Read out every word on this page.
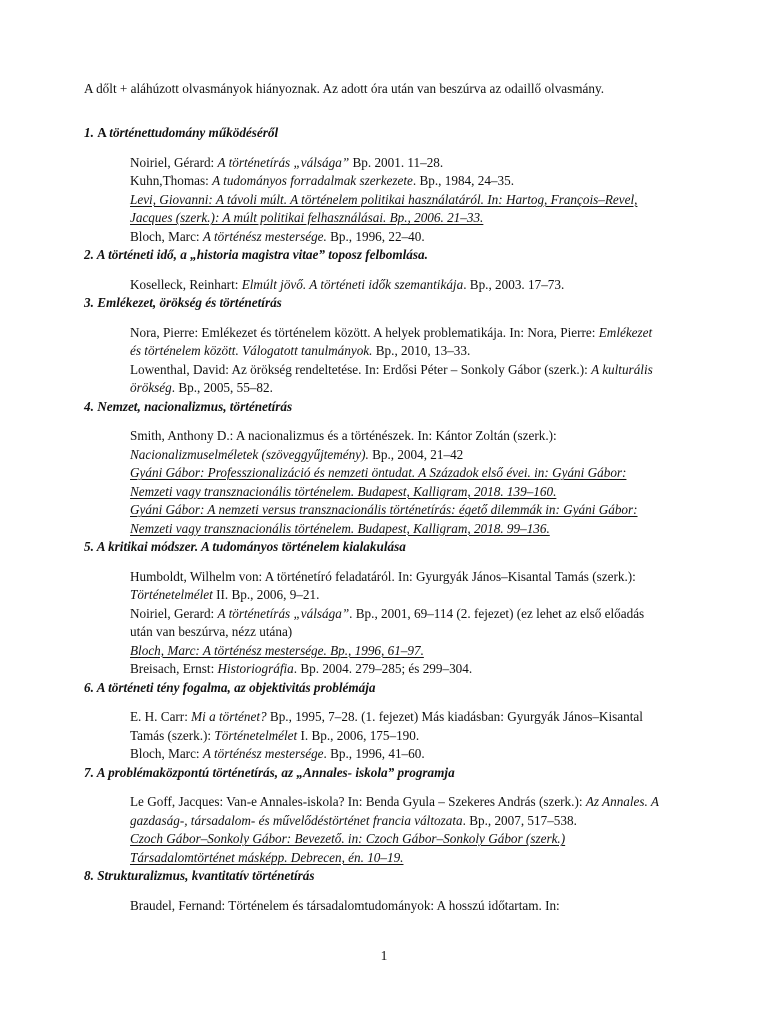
A dőlt + aláhúzott olvasmányok hiányoznak. Az adott óra után van beszúrva az odaillő olvasmány.

1. A történettudomány működéséről

Noiriel, Gérard: A történetírás „válsága” Bp. 2001. 11–28.

Kuhn,Thomas: A tudományos forradalmak szerkezete. Bp., 1984, 24–35.

Levi, Giovanni: A távoli múlt. A történelem politikai használatáról. In: Hartog, François–Revel, Jacques (szerk.): A múlt politikai felhasználásai. Bp., 2006. 21–33.

Bloch, Marc: A történész mestersége. Bp., 1996, 22–40.

2. A történeti idő, a „historia magistra vitae” toposz felbomlása.

Koselleck, Reinhart: Elmúlt jövő. A történeti idők szemantikája. Bp., 2003. 17–73.

3. Emlékezet, örökség és történetírás

Nora, Pierre: Emlékezet és történelem között. A helyek problematikája. In: Nora, Pierre: Emlékezet és történelem között. Válogatott tanulmányok. Bp., 2010, 13–33.

Lowenthal, David: Az örökség rendeltetése. In: Erdősi Péter – Sonkoly Gábor (szerk.): A kulturális örökség. Bp., 2005, 55–82.

4. Nemzet, nacionalizmus, történetírás

Smith, Anthony D.: A nacionalizmus és a történészek. In: Kántor Zoltán (szerk.): Nacionalizmuselméletek (szöveggyűjtemény). Bp., 2004, 21–42

Gyáni Gábor: Professzionalizáció és nemzeti öntudat. A Századok első évei. in: Gyáni Gábor: Nemzeti vagy transznacionális történelem. Budapest, Kalligram, 2018. 139–160.

Gyáni Gábor: A nemzeti versus transznacionális történetírás: égető dilemmák in: Gyáni Gábor: Nemzeti vagy transznacionális történelem. Budapest, Kalligram, 2018. 99–136.

5. A kritikai módszer. A tudományos történelem kialakulása

Humboldt, Wilhelm von: A történetíró feladatáról. In: Gyurgyák János–Kisantal Tamás (szerk.): Történetelmélet II. Bp., 2006, 9–21.

Noiriel, Gerard: A történetírás „válsága”. Bp., 2001, 69–114 (2. fejezet) (ez lehet az első előadás után van beszúrva, nézz utána)

Bloch, Marc: A történész mestersége. Bp., 1996, 61–97.

Breisach, Ernst: Historiográfia. Bp. 2004. 279–285; és 299–304.

6. A történeti tény fogalma, az objektivitás problémája

E. H. Carr: Mi a történet? Bp., 1995, 7–28. (1. fejezet) Más kiadásban: Gyurgyák János–Kisantal Tamás (szerk.): Történetelmélet I. Bp., 2006, 175–190.

Bloch, Marc: A történész mestersége. Bp., 1996, 41–60.

7. A problémaközpontú történetírás, az „Annales- iskola” programja

Le Goff, Jacques: Van-e Annales-iskola? In: Benda Gyula – Szekeres András (szerk.): Az Annales. A gazdaság-, társadalom- és művelődéstörténet francia változata. Bp., 2007, 517–538.

Czoch Gábor–Sonkoly Gábor: Bevezető. in: Czoch Gábor–Sonkoly Gábor (szerk.) Társadalomtörténet másképp. Debrecen, én. 10–19.

8. Strukturalizmus, kvantitatív történetírás

Braudel, Fernand: Történelem és társadalomtudományok: A hosszú időtartam. In:

1
